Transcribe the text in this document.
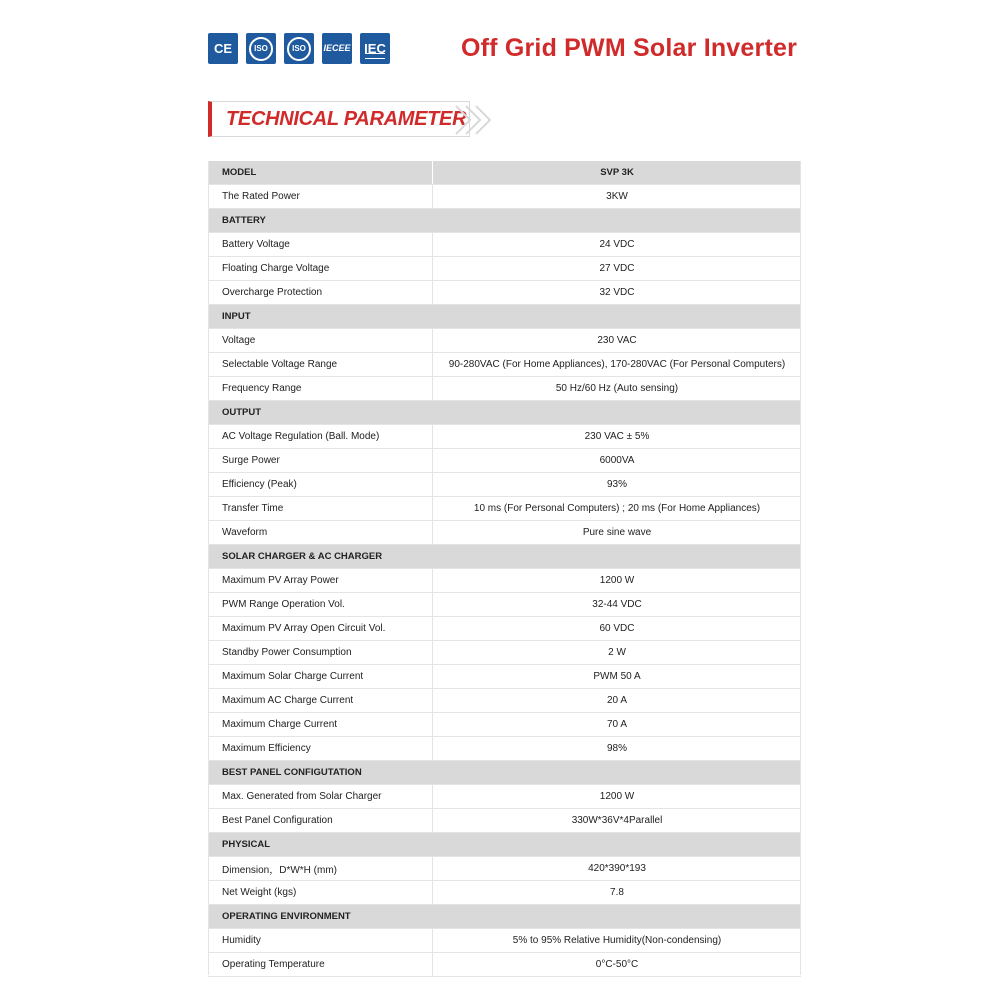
CE	ISO	ISO IECEE IEC	Off Grid PWM Solar Inverter
TECHNICAL PARAMETER
MODEL	SVP 3K
The Rated Power	3KW
BATTERY	
Battery Voltage	24 VDC
Floating Charge Voltage	27 VDC
Overcharge Protection	32 VDC
INPUT	
Voltage	230 VAC
Selectable Voltage Range	90-280VAC (For Home Appliances), 170-280VAC (For Personal Computers)
Frequency Range	50 Hz/60 Hz (Auto sensing)
OUTPUT	
AC Voltage Regulation (Ball. Mode)	230 VAC ± 5%
Surge Power	6000VA
Efficiency (Peak)	93%
Transfer Time	10 ms (For Personal Computers) ; 20 ms (For Home Appliances)
Waveform	Pure sine wave
SOLAR CHARGER & AC CHARGER	
Maximum PV Array Power	1200 W
PWM Range Operation Vol.	32-44 VDC
Maximum PV Array Open Circuit Vol.	60 VDC
Standby Power Consumption	2 W
Maximum Solar Charge Current	PWM 50 A
Maximum AC Charge Current	20 A
Maximum Charge Current	70 A
Maximum Efficiency	98%
BEST PANEL CONFIGUTATION	
Max. Generated from Solar Charger	1200 W
Best Panel Configuration	330W*36V*4Parallel
PHYSICAL	
Dimension，D*W*H (mm)	420*390*193
Net Weight (kgs)	7.8
OPERATING ENVIRONMENT	
Humidity	5% to 95% Relative Humidity(Non-condensing)
Operating Temperature	0°C-50°C
